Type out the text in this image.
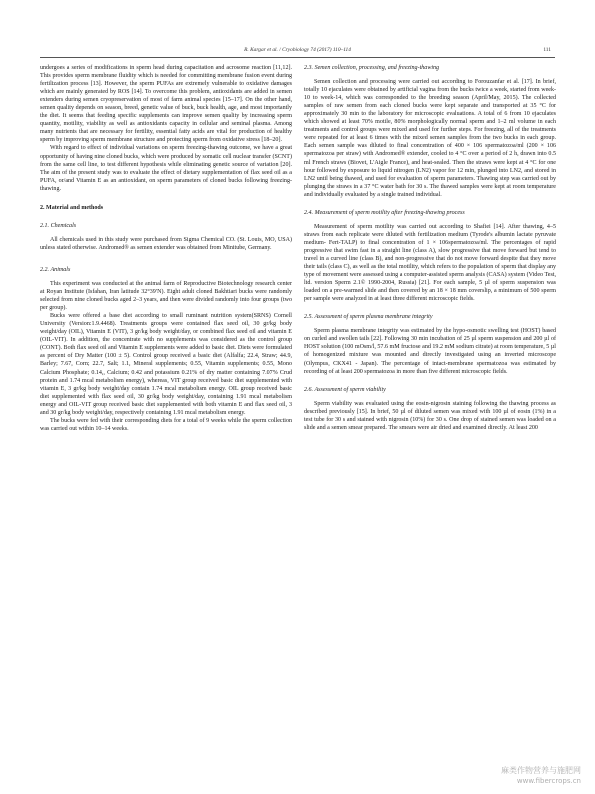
R. Kargar et al. / Cryobiology 74 (2017) 110–114	111

undergoes a series of modifications in sperm head during capacitation and acrosome reaction [11,12]. This provides sperm membrane fluidity which is needed for committing membrane fusion event during fertilization process [13]. However, the sperm PUFAs are extremely vulnerable to oxidative damages which are mainly generated by ROS [14]. To overcome this problem, antioxidants are added in semen extenders during semen cryopreservation of most of farm animal species [15–17]. On the other hand, semen quality depends on season, breed, genetic value of buck, buck health, age, and most importantly the diet. It seems that feeding specific supplements can improve semen quality by increasing sperm quantity, motility, viability as well as antioxidants capacity in cellular and seminal plasma. Among many nutrients that are necessary for fertility, essential fatty acids are vital for production of healthy sperm by improving sperm membrane structure and protecting sperm from oxidative stress [18–20].

With regard to effect of individual variations on sperm freezing-thawing outcome, we have a great opportunity of having nine cloned bucks, which were produced by somatic cell nuclear transfer (SCNT) from the same cell line, to test different hypothesis while eliminating genetic source of variation [20]. The aim of the present study was to evaluate the effect of dietary supplementation of flax seed oil as a PUFA, or/and Vitamin E as an antioxidant, on sperm parameters of cloned bucks following freezing-thawing.

2. Material and methods
2.1. Chemicals

All chemicals used in this study were purchased from Sigma Chemical CO. (St. Louis, MO, USA) unless stated otherwise. Andromed® as semen extender was obtained from Minitube, Germany.

2.2. Animals

This experiment was conducted at the animal farm of Reproductive Biotechnology research center at Royan Institute (Isfahan, Iran latitude 32°39′N). Eight adult cloned Bakhtiari bucks were randomly selected from nine cloned bucks aged 2–3 years, and then were divided randomly into four groups (two per group).

Bucks were offered a base diet according to small ruminant nutrition system(SRNS) Cornell University (Version:1.9.4468). Treatments groups were contained flax seed oil, 30 gr/kg body weight/day (OIL), Vitamin E (VIT), 3 gr/kg body weight/day, or combined flax seed oil and vitamin E (OIL-VIT). In addition, the concentrate with no supplements was considered as the control group (CONT). Both flax seed oil and Vitamin E supplements were added to basic diet. Diets were formulated as percent of Dry Matter (100 ± 5). Control group received a basic diet (Alfalfa; 22.4, Straw; 44.9, Barley; 7.67, Corn; 22.7, Salt; 1.1, Mineral supplements; 0.55, Vitamin supplements; 0.55, Mono Calcium Phosphate; 0.14,, Calcium; 0.42 and potassium 0.21% of dry matter containing 7.07% Crud protein and 1.74 mcal metabolism energy), whereas, VIT group received basic diet supplemented with vitamin E, 3 gr/kg body weight/day contain 1.74 mcal metabolism energy. OIL group received basic diet supplemented with flax seed oil, 30 gr/kg body weight/day, containing 1.91 mcal metabolism energy and OIL-VIT group received basic diet supplemented with both vitamin E and flax seed oil, 3 and 30 gr/kg body weight/day, respectively containing 1.91 mcal metabolism energy.

The bucks were fed with their corresponding diets for a total of 9 weeks while the sperm collection was carried out within 10–14 weeks.

2.3. Semen collection, processing, and freezing-thawing

Semen collection and processing were carried out according to Forouzanfar et al. [17]. In brief, totally 10 ejaculates were obtained by artificial vagina from the bucks twice a week, started from week-10 to week-14, which was corresponded to the breeding season (April/May, 2015). The collected samples of raw semen from each cloned bucks were kept separate and transported at 35 °C for approximately 30 min to the laboratory for microscopic evaluations. A total of 6 from 10 ejaculates which showed at least 70% motile, 80% morphologically normal sperm and 1–2 ml volume in each treatments and control groups were mixed and used for further steps. For freezing, all of the treatments were repeated for at least 6 times with the mixed semen samples from the two bucks in each group. Each semen sample was diluted to final concentration of 400 × 106 spermatozoa/ml (200 × 106 spermatozoa per straw) with Andromed® extender, cooled to 4 °C over a period of 2 h, drawn into 0.5 ml French straws (Biovet, L'Aigle France), and heat-sealed. Then the straws were kept at 4 °C for one hour followed by exposure to liquid nitrogen (LN2) vapor for 12 min, plunged into LN2, and stored in LN2 until being thawed, and used for evaluation of sperm parameters. Thawing step was carried out by plunging the straws in a 37 °C water bath for 30 s. The thawed samples were kept at room temperature and individually evaluated by a single trained individual.

2.4. Measurement of sperm motility after freezing-thawing process

Measurement of sperm motility was carried out according to Shafiei [14]. After thawing, 4–5 straws from each replicate were diluted with fertilization medium (Tyrode's albumin lactate pyruvate medium- Fert-TALP) to final concentration of 1 × 106spermatozoa/ml. The percentages of rapid progressive that swim fast in a straight line (class A), slow progressive that move forward but tend to travel in a curved line (class B), and non-progressive that do not move forward despite that they move their tails (class C), as well as the total motility, which refers to the population of sperm that display any type of movement were assessed using a computer-assisted sperm analysis (CASA) system (Video Test, ltd. version Sperm 2.1© 1990-2004, Russia) [21]. For each sample, 5 µl of sperm suspension was loaded on a pre-warmed slide and then covered by an 18 × 18 mm coverslip, a minimum of 500 sperm per sample were analyzed in at least three different microscopic fields.

2.5. Assessment of sperm plasma membrane integrity

Sperm plasma membrane integrity was estimated by the hypo-osmotic swelling test (HOST) based on curled and swollen tails [22]. Following 30 min incubation of 25 µl sperm suspension and 200 µl of HOST solution (100 mOsm/l, 57.6 mM fructose and 19.2 mM sodium citrate) at room temperature, 5 µl of homogenized mixture was mounted and directly investigated using an inverted microscope (Olympus, CKX41 - Japan). The percentage of intact-membrane spermatozoa was estimated by recording of at least 200 spermatozoa in more than five different microscopic fields.

2.6. Assessment of sperm viability

Sperm viability was evaluated using the eosin-nigrosin staining following the thawing process as described previously [15]. In brief, 50 µl of diluted semen was mixed with 100 µl of eosin (1%) in a test tube for 30 s and stained with nigrosin (10%) for 30 s. One drop of stained semen was loaded on a slide and a semen smear prepared. The smears were air dried and examined directly. At least 200

麻类作物营养与施肥网
www.fibercrops.cn
